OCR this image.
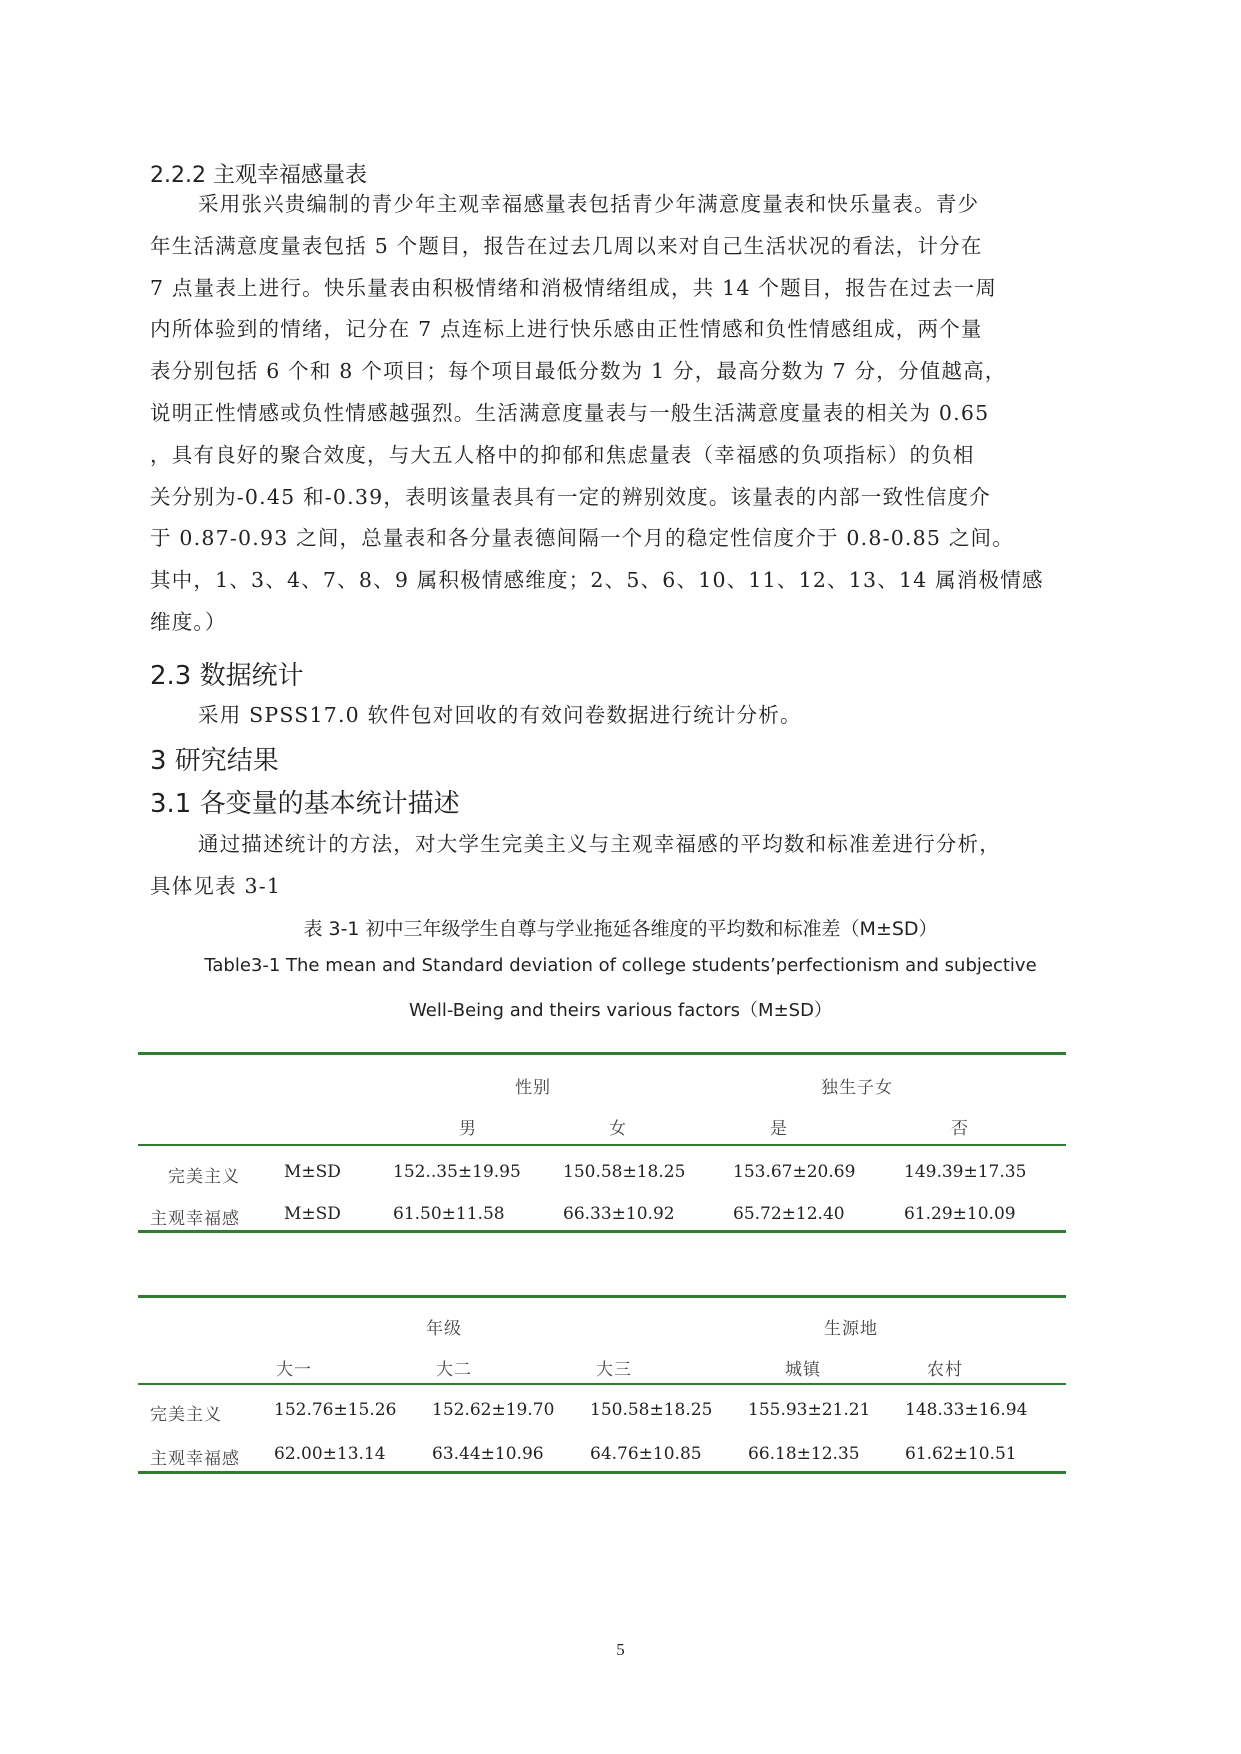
2.2.2 主观幸福感量表
采用张兴贵编制的青少年主观幸福感量表包括青少年满意度量表和快乐量表。青少
年生活满意度量表包括 5 个题目，报告在过去几周以来对自己生活状况的看法，计分在
7 点量表上进行。快乐量表由积极情绪和消极情绪组成，共 14 个题目，报告在过去一周
内所体验到的情绪，记分在 7 点连标上进行快乐感由正性情感和负性情感组成，两个量
表分别包括 6 个和 8 个项目；每个项目最低分数为 1 分，最高分数为 7 分，分值越高，
说明正性情感或负性情感越强烈。生活满意度量表与一般生活满意度量表的相关为 0.65
，具有良好的聚合效度，与大五人格中的抑郁和焦虑量表（幸福感的负项指标）的负相
关分别为-0.45 和-0.39，表明该量表具有一定的辨别效度。该量表的内部一致性信度介
于 0.87-0.93 之间，总量表和各分量表德间隔一个月的稳定性信度介于 0.8-0.85 之间。
其中，1、3、4、7、8、9 属积极情感维度；2、5、6、10、11、12、13、14 属消极情感
维度。）
2.3 数据统计
采用 SPSS17.0 软件包对回收的有效问卷数据进行统计分析。
3 研究结果
3.1 各变量的基本统计描述
通过描述统计的方法，对大学生完美主义与主观幸福感的平均数和标准差进行分析，
具体见表 3-1
表 3-1 初中三年级学生自尊与学业拖延各维度的平均数和标准差（M±SD）
Table3-1 The mean and Standard deviation of college students’perfectionism and subjective
Well-Being and theirs various factors（M±SD）
性别	独生子女
男	女	是	否
完美主义	M±SD	152..35±19.95 150.58±18.25	153.67±20.69	149.39±17.35
主观幸福感	M±SD	61.50±11.58	66.33±10.92	65.72±12.40	61.29±10.09
年级	生源地
大一	大二	大三	城镇	农村
完美主义	152.76±15.26 152.62±19.70 150.58±18.25 155.93±21.21 148.33±16.94
主观幸福感 62.00±13.14	63.44±10.96	64.76±10.85	66.18±12.35	61.62±10.51
5
